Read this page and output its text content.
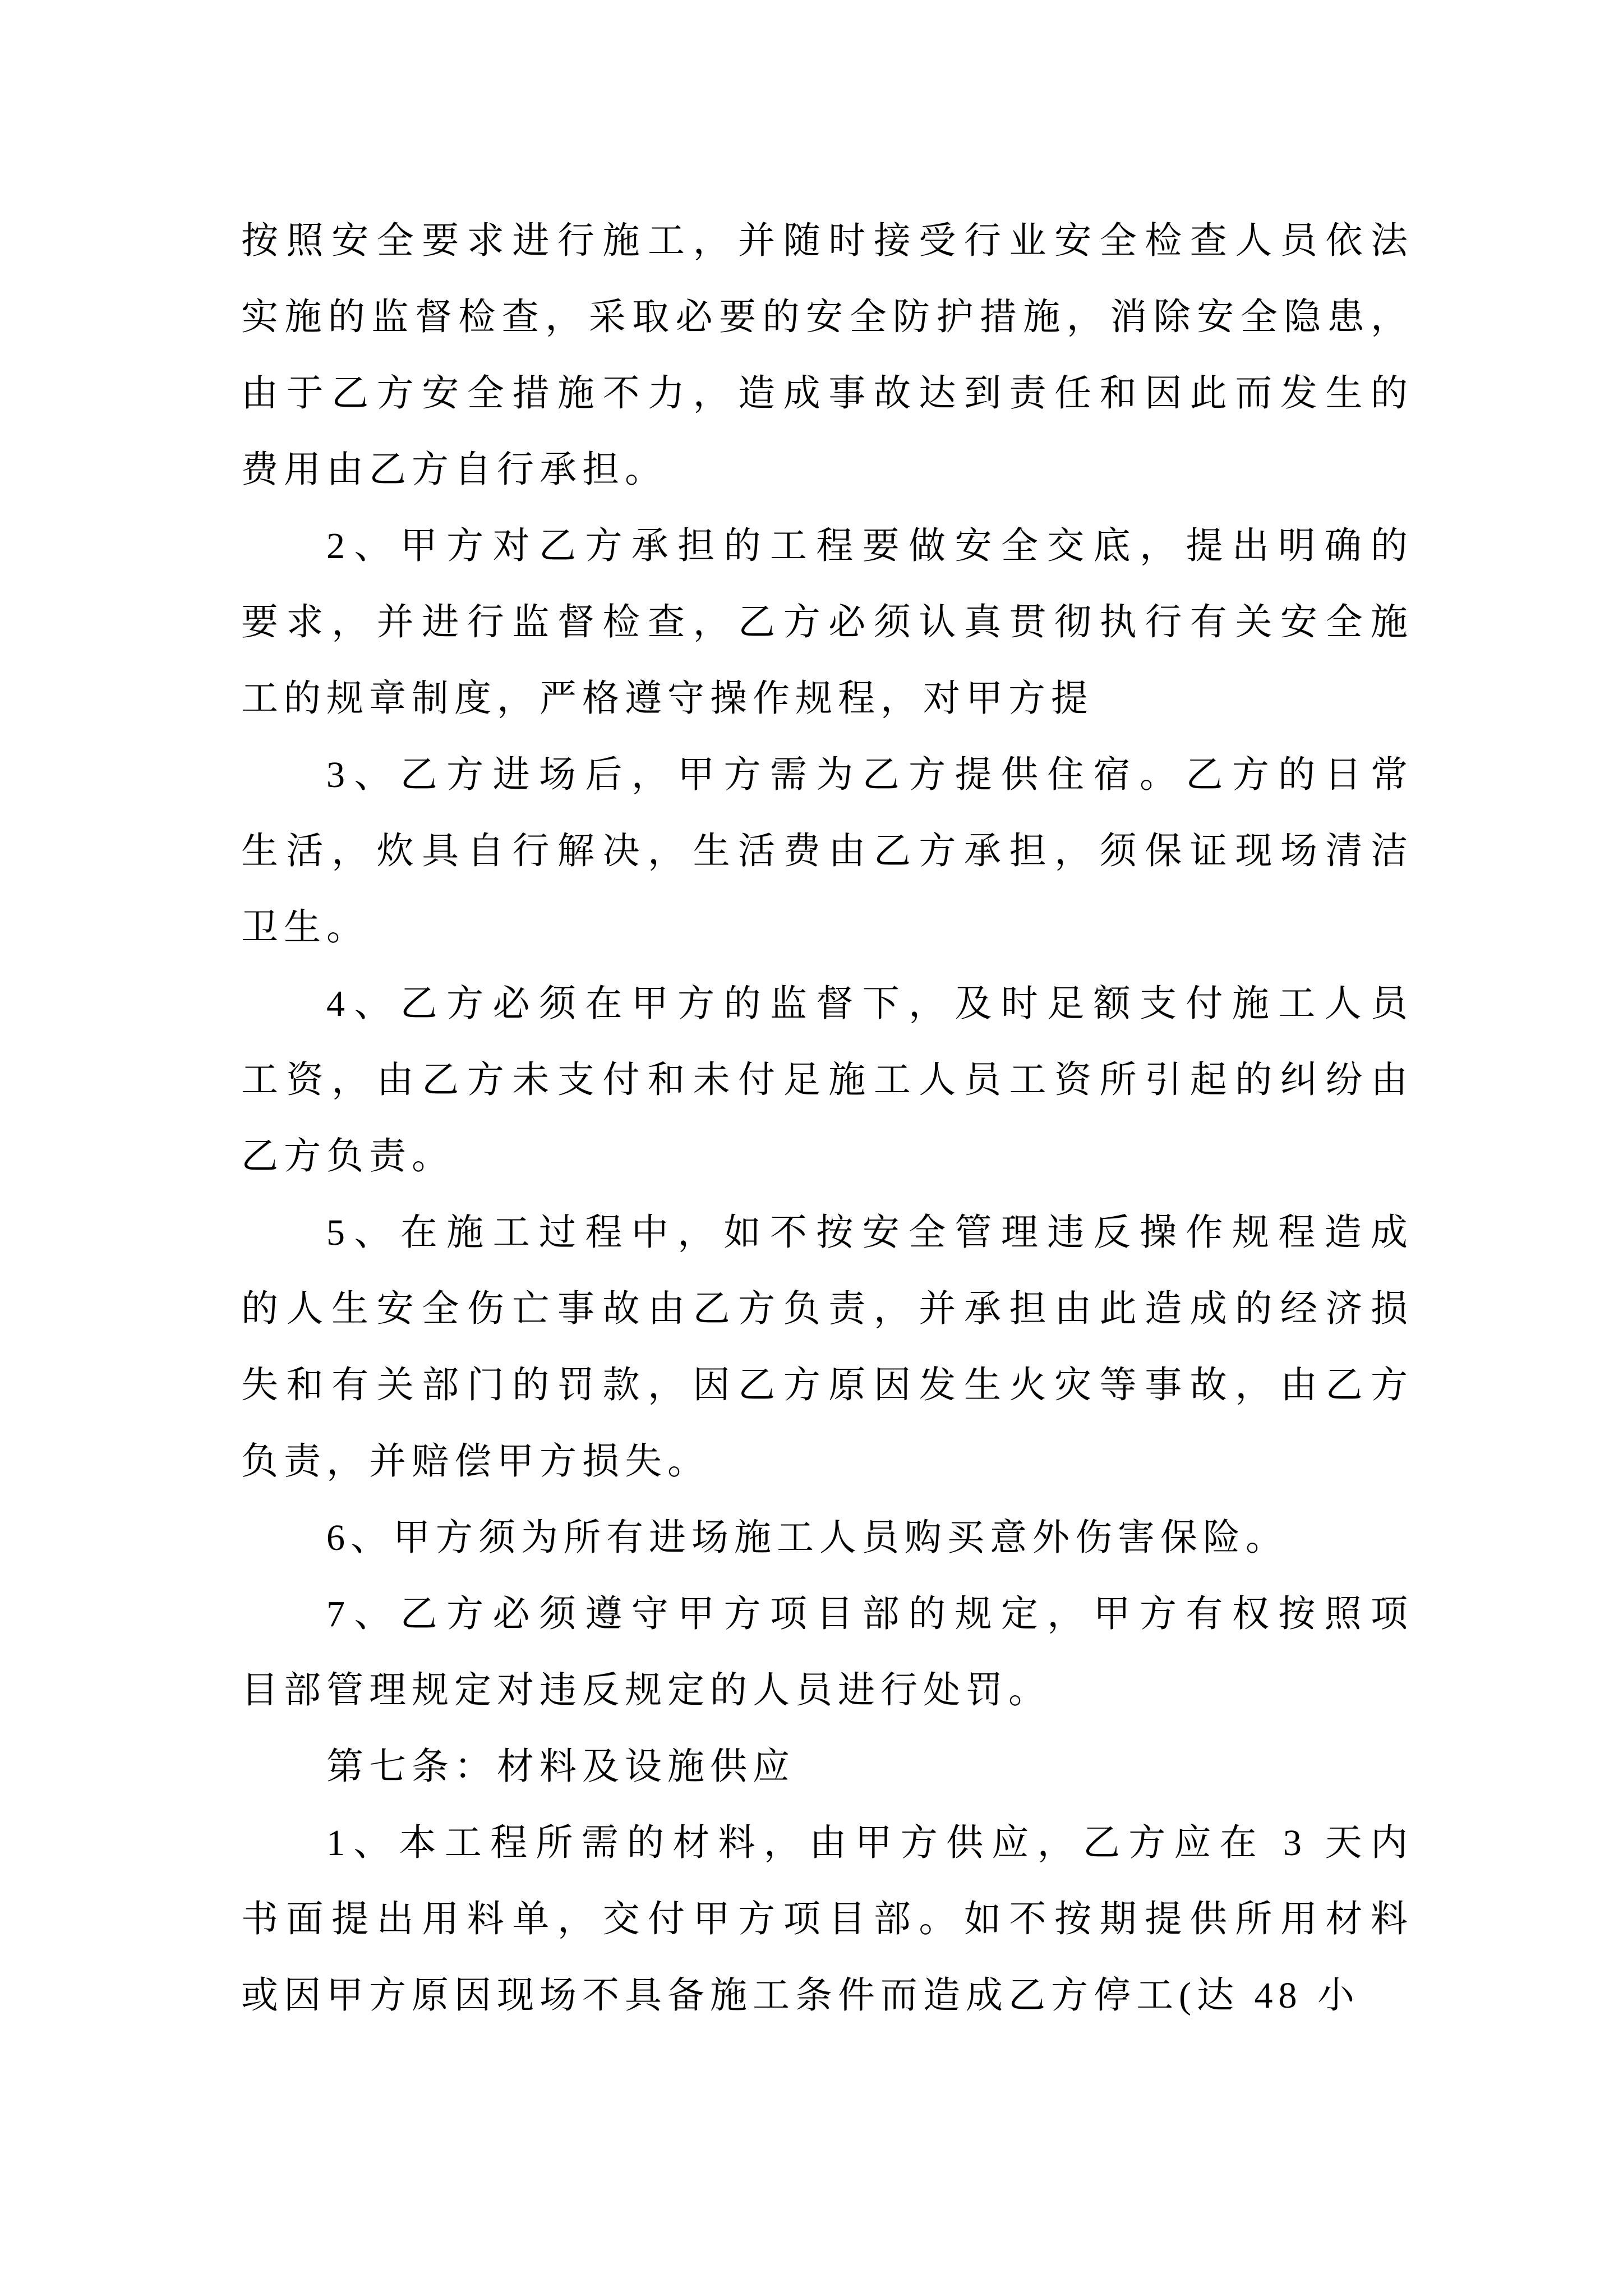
按照安全要求进行施工，并随时接受行业安全检查人员依法
实施的监督检查，采取必要的安全防护措施，消除安全隐患，
由于乙方安全措施不力，造成事故达到责任和因此而发生的
费用由乙方自行承担。
2、甲方对乙方承担的工程要做安全交底，提出明确的
要求，并进行监督检查，乙方必须认真贯彻执行有关安全施
工的规章制度，严格遵守操作规程，对甲方提
3、乙方进场后，甲方需为乙方提供住宿。乙方的日常
生活，炊具自行解决，生活费由乙方承担，须保证现场清洁
卫生。
4、乙方必须在甲方的监督下，及时足额支付施工人员
工资，由乙方未支付和未付足施工人员工资所引起的纠纷由
乙方负责。
5、在施工过程中，如不按安全管理违反操作规程造成
的人生安全伤亡事故由乙方负责，并承担由此造成的经济损
失和有关部门的罚款，因乙方原因发生火灾等事故，由乙方
负责，并赔偿甲方损失。
6、甲方须为所有进场施工人员购买意外伤害保险。
7、乙方必须遵守甲方项目部的规定，甲方有权按照项
目部管理规定对违反规定的人员进行处罚。
第七条：材料及设施供应
1、本工程所需的材料，由甲方供应，乙方应在 3 天内
书面提出用料单，交付甲方项目部。如不按期提供所用材料
或因甲方原因现场不具备施工条件而造成乙方停工(达 48 小
